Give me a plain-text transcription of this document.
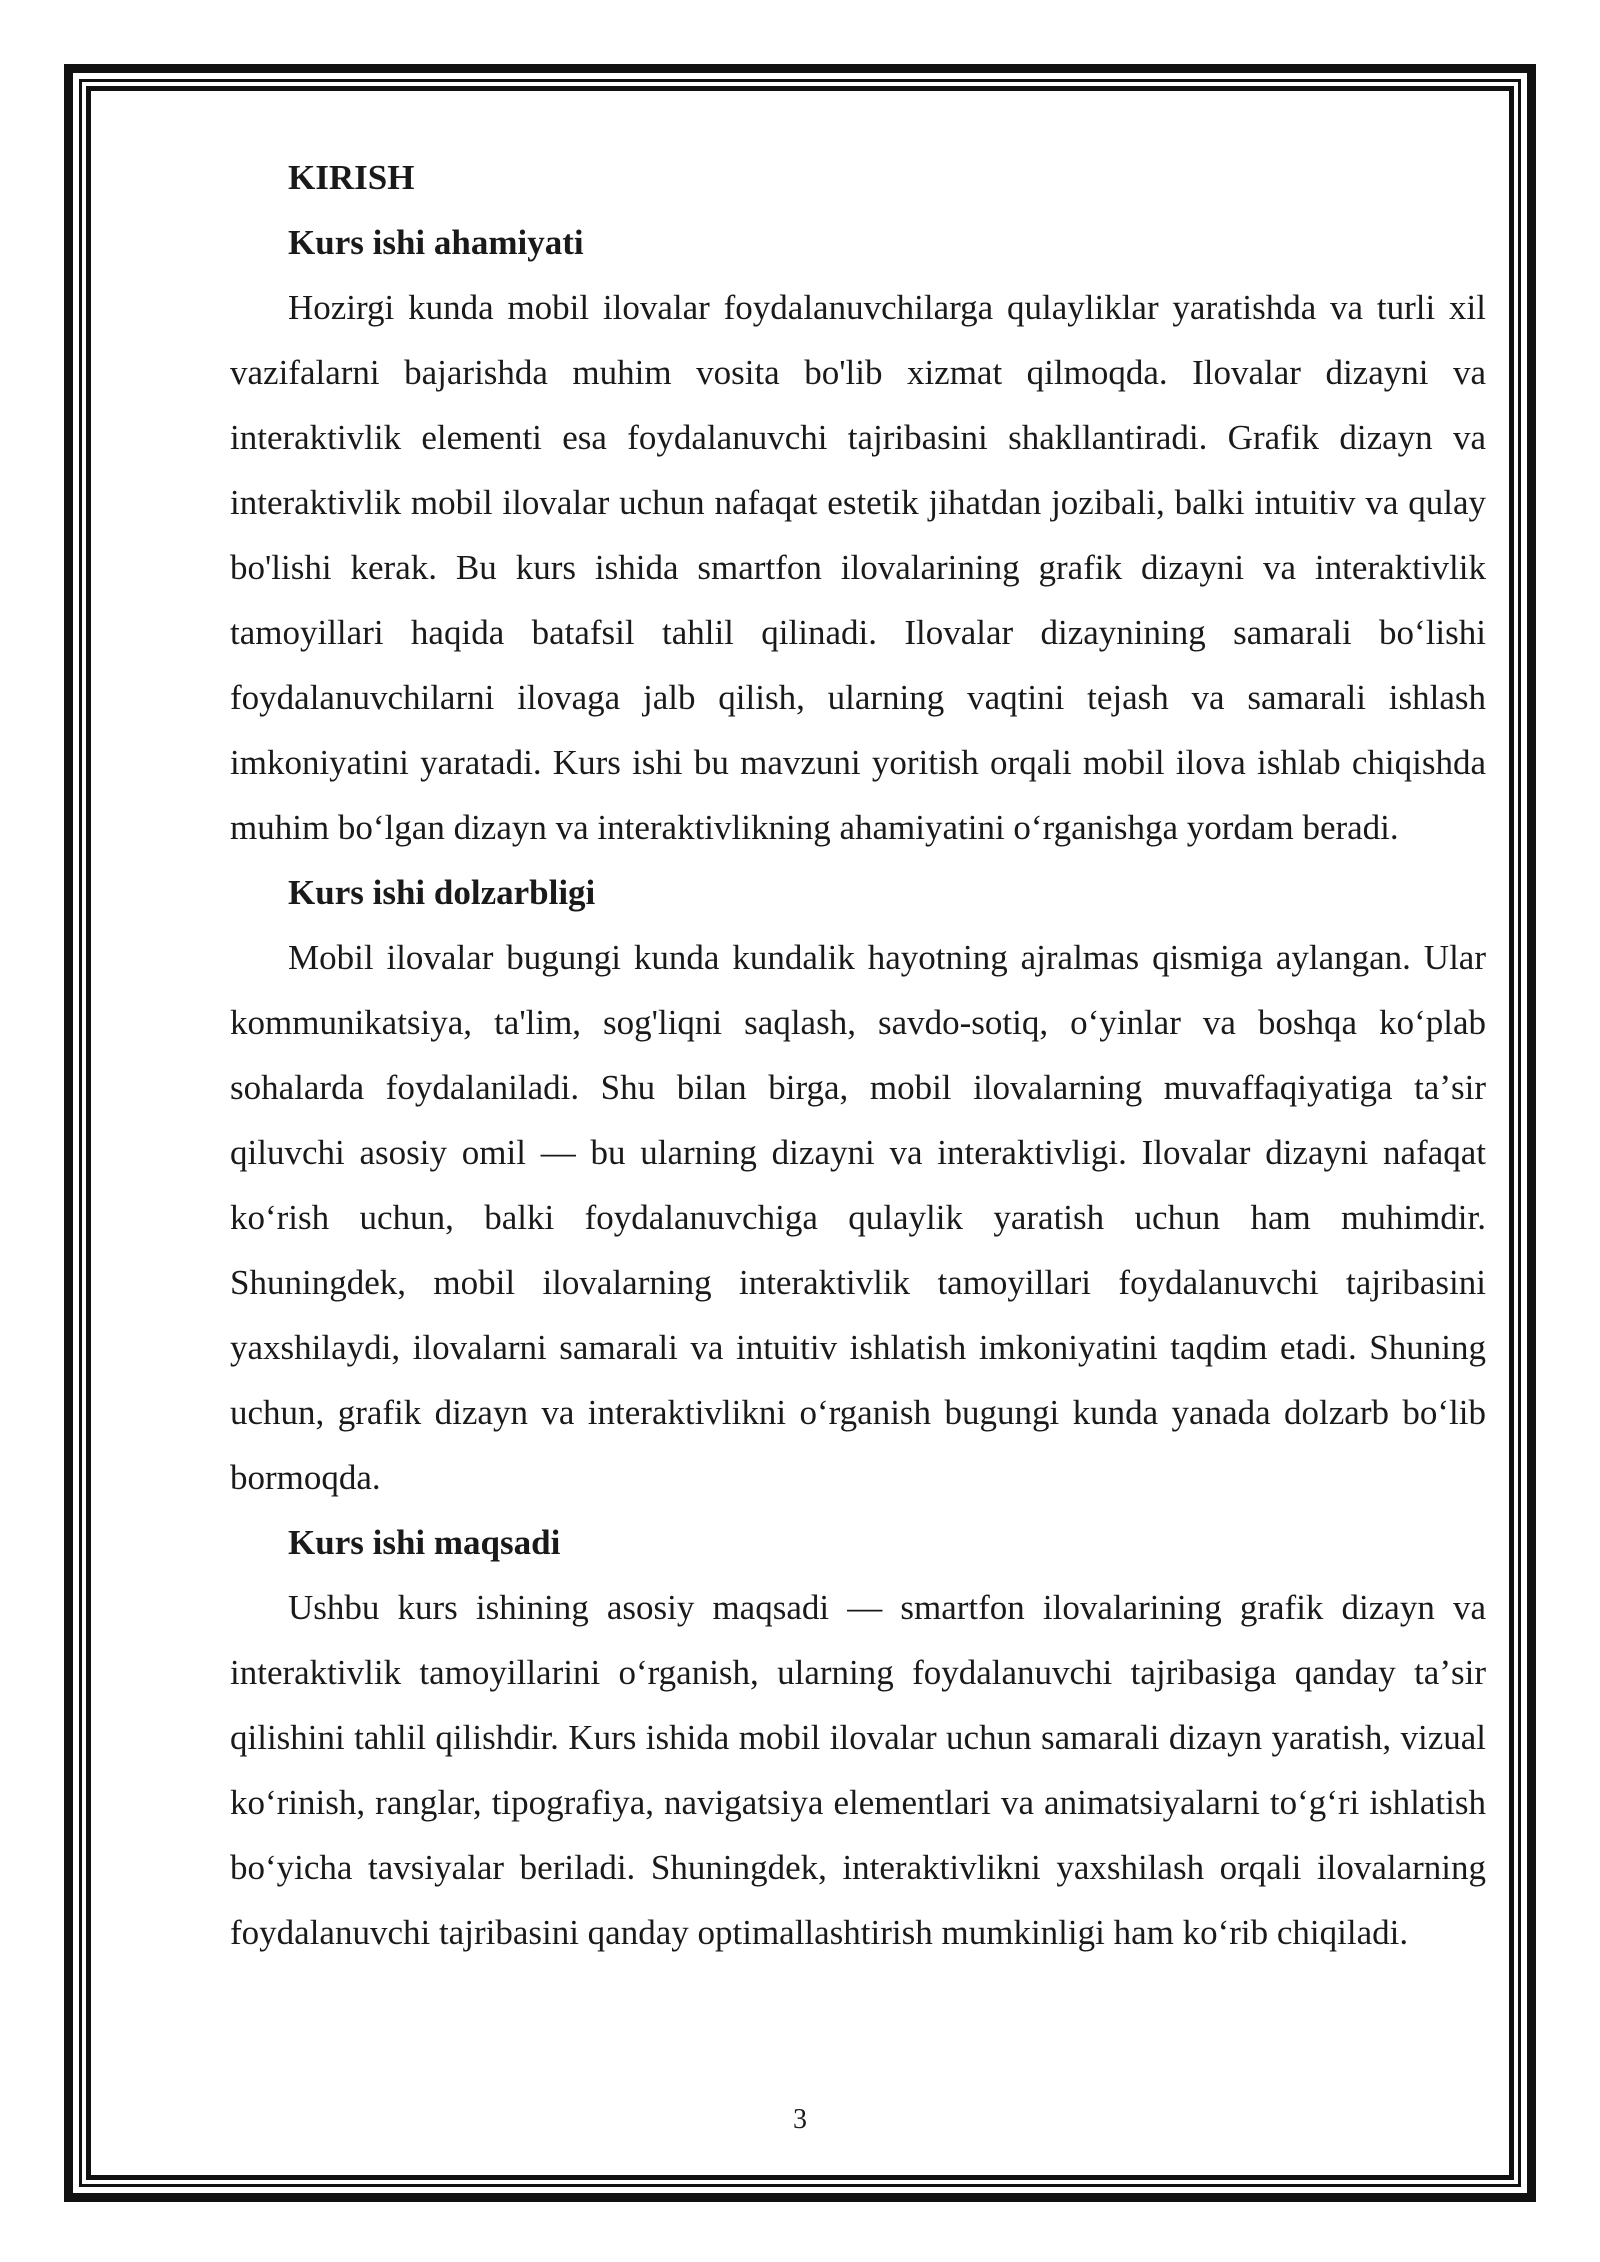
KIRISH

Kurs ishi ahamiyati

Hozirgi kunda mobil ilovalar foydalanuvchilarga qulayliklar yaratishda va turli xil vazifalarni bajarishda muhim vosita bo'lib xizmat qilmoqda. Ilovalar dizayni va interaktivlik elementi esa foydalanuvchi tajribasini shakllantiradi. Grafik dizayn va interaktivlik mobil ilovalar uchun nafaqat estetik jihatdan jozibali, balki intuitiv va qulay bo'lishi kerak. Bu kurs ishida smartfon ilovalarining grafik dizayni va interaktivlik tamoyillari haqida batafsil tahlil qilinadi. Ilovalar dizaynining samarali boʻlishi foydalanuvchilarni ilovaga jalb qilish, ularning vaqtini tejash va samarali ishlash imkoniyatini yaratadi. Kurs ishi bu mavzuni yoritish orqali mobil ilova ishlab chiqishda muhim boʻlgan dizayn va interaktivlikning ahamiyatini oʻrganishga yordam beradi.

Kurs ishi dolzarbligi

Mobil ilovalar bugungi kunda kundalik hayotning ajralmas qismiga aylangan. Ular kommunikatsiya, ta'lim, sog'liqni saqlash, savdo-sotiq, oʻyinlar va boshqa koʻplab sohalarda foydalaniladi. Shu bilan birga, mobil ilovalarning muvaffaqiyatiga taʼsir qiluvchi asosiy omil — bu ularning dizayni va interaktivligi. Ilovalar dizayni nafaqat koʻrish uchun, balki foydalanuvchiga qulaylik yaratish uchun ham muhimdir. Shuningdek, mobil ilovalarning interaktivlik tamoyillari foydalanuvchi tajribasini yaxshilaydi, ilovalarni samarali va intuitiv ishlatish imkoniyatini taqdim etadi. Shuning uchun, grafik dizayn va interaktivlikni oʻrganish bugungi kunda yanada dolzarb boʻlib bormoqda.

Kurs ishi maqsadi

Ushbu kurs ishining asosiy maqsadi — smartfon ilovalarining grafik dizayn va interaktivlik tamoyillarini oʻrganish, ularning foydalanuvchi tajribasiga qanday taʼsir qilishini tahlil qilishdir. Kurs ishida mobil ilovalar uchun samarali dizayn yaratish, vizual koʻrinish, ranglar, tipografiya, navigatsiya elementlari va animatsiyalarni toʻgʻri ishlatish boʻyicha tavsiyalar beriladi. Shuningdek, interaktivlikni yaxshilash orqali ilovalarning foydalanuvchi tajribasini qanday optimallashtirish mumkinligi ham koʻrib chiqiladi.

3
